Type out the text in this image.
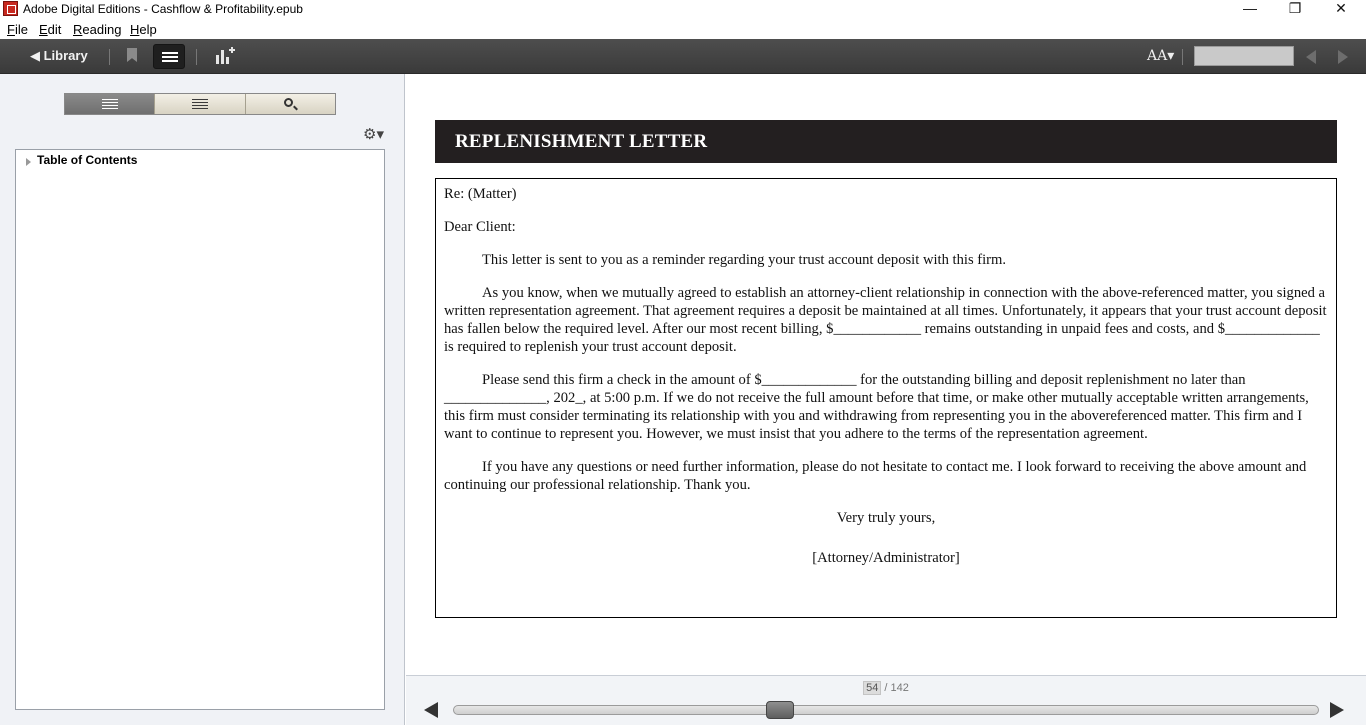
Adobe Digital Editions - Cashflow & Profitability.epub	—	❐	✕
File Edit Reading Help
◀ Library	AA▾
⚙▾
Table of Contents
REPLENISHMENT LETTER

Re: (Matter)

Dear Client:

This letter is sent to you as a reminder regarding your trust account deposit with this firm.

As you know, when we mutually agreed to establish an attorney-client relationship in connection with the above-referenced matter, you signed a written representation agreement. That agreement requires a deposit be maintained at all times. Unfortunately, it appears that your trust account deposit has fallen below the required level. After our most recent billing, $____________ remains outstanding in unpaid fees and costs, and $_____________ is required to replenish your trust account deposit.

Please send this firm a check in the amount of $_____________ for the outstanding billing and deposit replenishment no later than ______________, 202_, at 5:00 p.m. If we do not receive the full amount before that time, or make other mutually acceptable written arrangements, this firm must consider terminating its relationship with you and withdrawing from representing you in the abovereferenced matter. This firm and I want to continue to represent you. However, we must insist that you adhere to the terms of the representation agreement.

If you have any questions or need further information, please do not hesitate to contact me. I look forward to receiving the above amount and continuing our professional relationship. Thank you.

Very truly yours,

[Attorney/Administrator]

54 / 142
